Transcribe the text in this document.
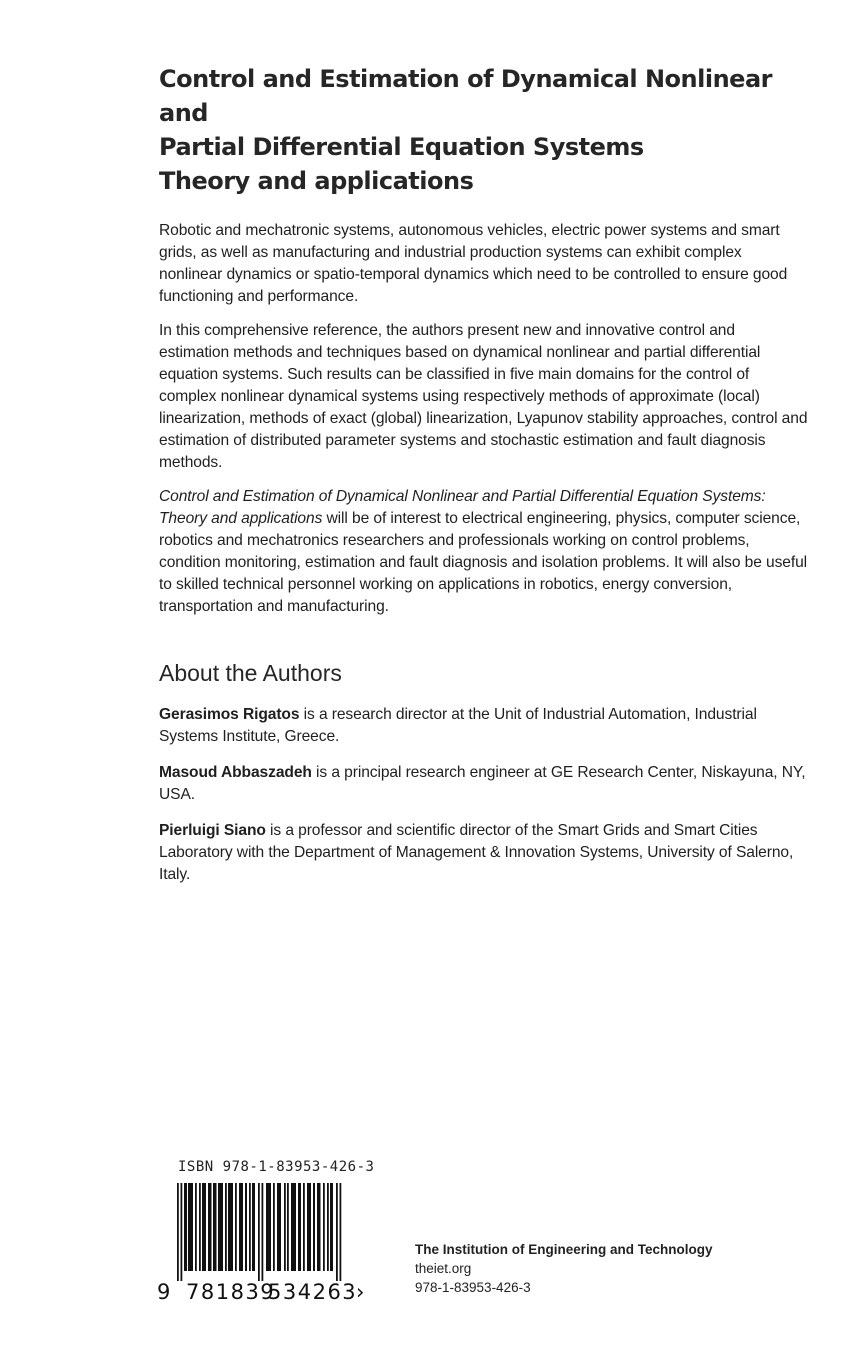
Control and Estimation of Dynamical Nonlinear and
Partial Differential Equation Systems
Theory and applications

Robotic and mechatronic systems, autonomous vehicles, electric power systems and smart grids, as well as manufacturing and industrial production systems can exhibit complex nonlinear dynamics or spatio-temporal dynamics which need to be controlled to ensure good functioning and performance.

In this comprehensive reference, the authors present new and innovative control and estimation methods and techniques based on dynamical nonlinear and partial differential equation systems. Such results can be classified in five main domains for the control of complex nonlinear dynamical systems using respectively methods of approximate (local) linearization, methods of exact (global) linearization, Lyapunov stability approaches, control and estimation of distributed parameter systems and stochastic estimation and fault diagnosis methods.

Control and Estimation of Dynamical Nonlinear and Partial Differential Equation Systems: Theory and applications will be of interest to electrical engineering, physics, computer science, robotics and mechatronics researchers and professionals working on control problems, condition monitoring, estimation and fault diagnosis and isolation problems. It will also be useful to skilled technical personnel working on applications in robotics, energy conversion, transportation and manufacturing.

About the Authors

Gerasimos Rigatos is a research director at the Unit of Industrial Automation, Industrial Systems Institute, Greece.

Masoud Abbaszadeh is a principal research engineer at GE Research Center, Niskayuna, NY, USA.

Pierluigi Siano is a professor and scientific director of the Smart Grids and Smart Cities Laboratory with the Department of Management & Innovation Systems, University of Salerno, Italy.

ISBN 978-1-83953-426-3
9 781839
534263
›
The Institution of Engineering and Technology
theiet.org
978-1-83953-426-3
